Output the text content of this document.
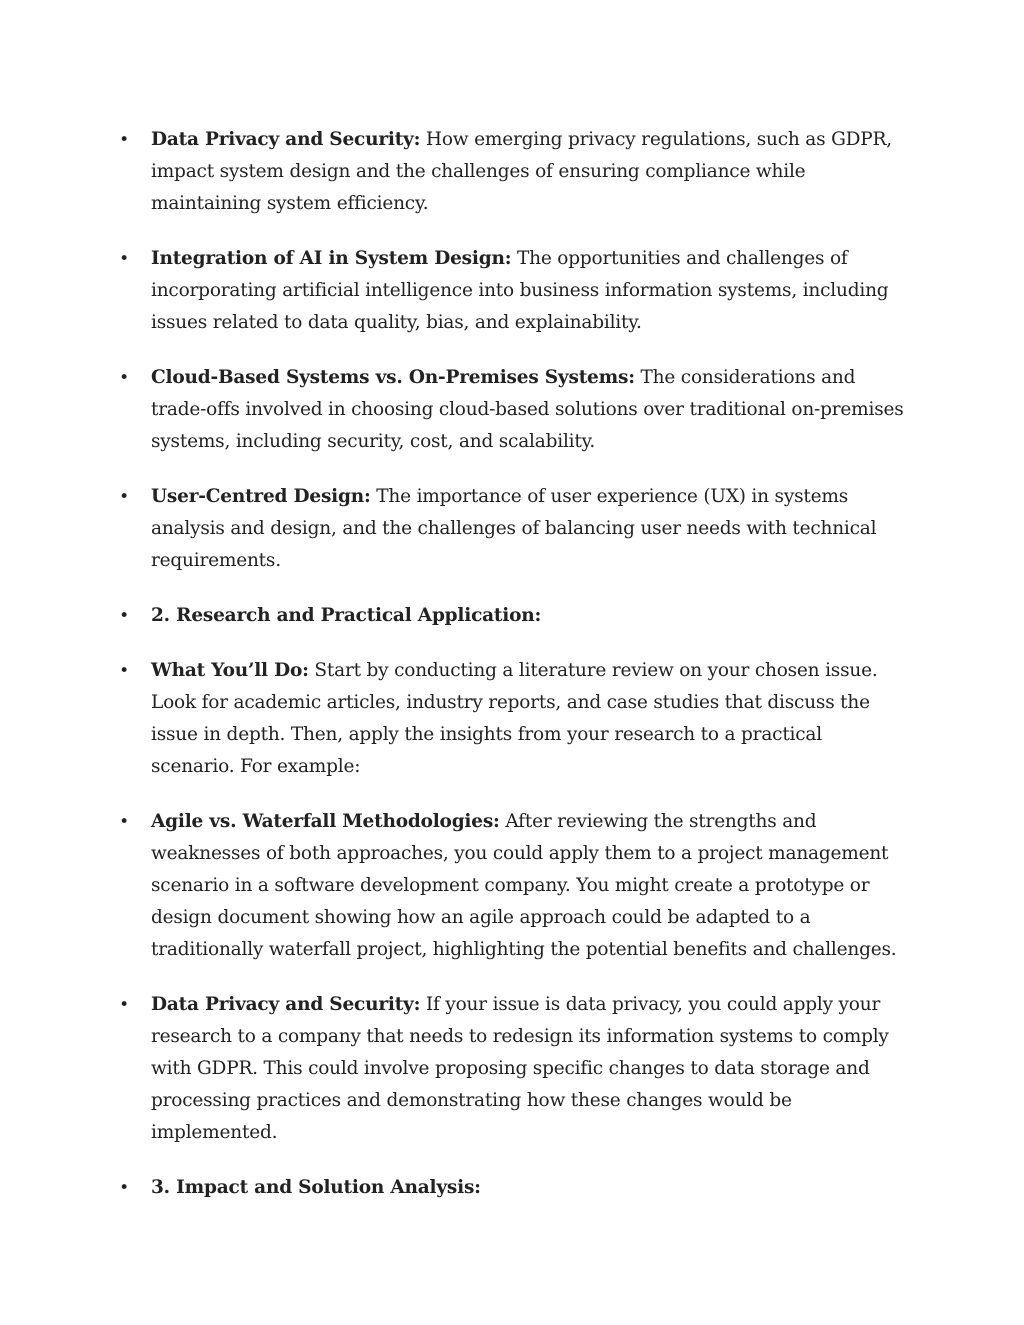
• Data Privacy and Security: How emerging privacy regulations, such as GDPR, impact system design and the challenges of ensuring compliance while maintaining system efficiency.
• Integration of AI in System Design: The opportunities and challenges of incorporating artificial intelligence into business information systems, including issues related to data quality, bias, and explainability.
• Cloud-Based Systems vs. On-Premises Systems: The considerations and trade-offs involved in choosing cloud-based solutions over traditional on-premises systems, including security, cost, and scalability.
• User-Centred Design: The importance of user experience (UX) in systems analysis and design, and the challenges of balancing user needs with technical requirements.
• 2. Research and Practical Application:
• What You’ll Do: Start by conducting a literature review on your chosen issue. Look for academic articles, industry reports, and case studies that discuss the issue in depth. Then, apply the insights from your research to a practical scenario. For example:
• Agile vs. Waterfall Methodologies: After reviewing the strengths and weaknesses of both approaches, you could apply them to a project management scenario in a software development company. You might create a prototype or design document showing how an agile approach could be adapted to a traditionally waterfall project, highlighting the potential benefits and challenges.
• Data Privacy and Security: If your issue is data privacy, you could apply your research to a company that needs to redesign its information systems to comply with GDPR. This could involve proposing specific changes to data storage and processing practices and demonstrating how these changes would be implemented.
• 3. Impact and Solution Analysis:
